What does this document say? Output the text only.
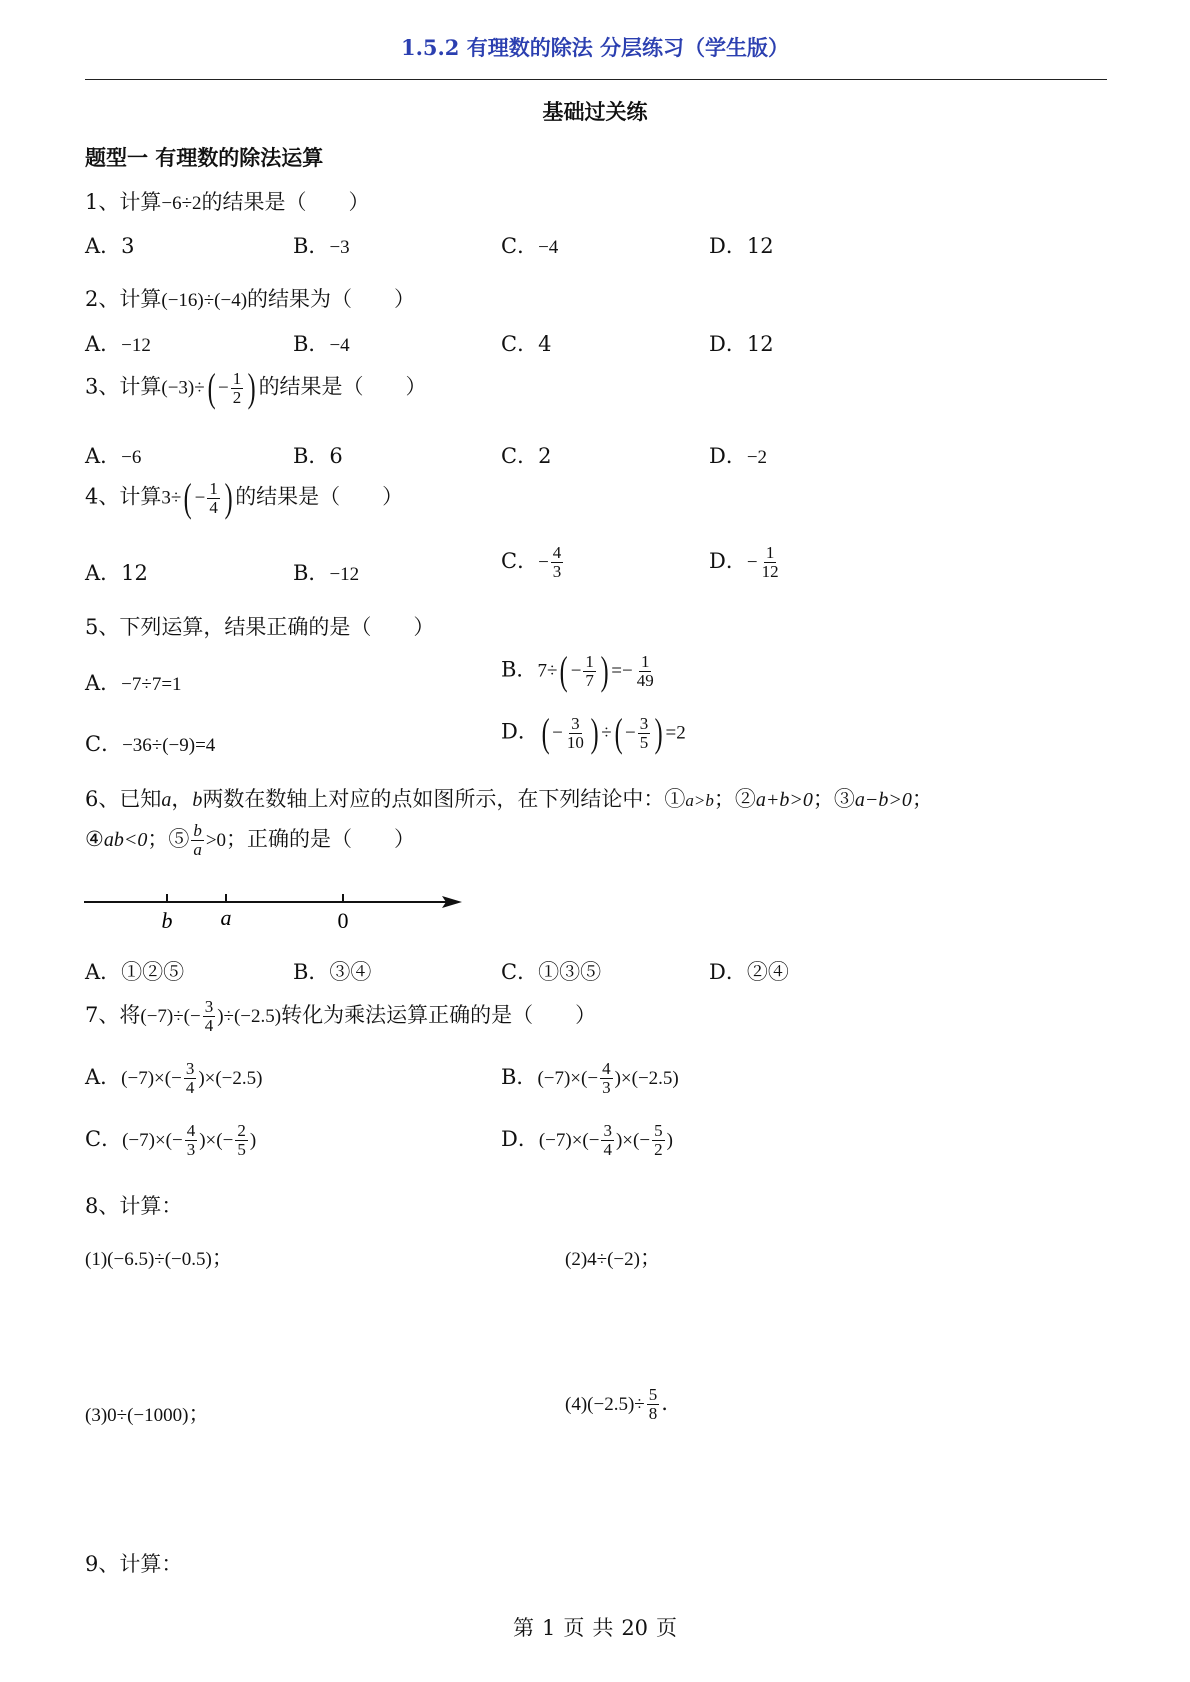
1.5.2 有理数的除法 分层练习（学生版）
基础过关练
题型一 有理数的除法运算
1、计算−6÷2的结果是（　　）
A．3	B．−3	C．−4	D．12
2、计算(−16)÷(−4)的结果为（　　）
A．−12	B．−4	C．4	D．12
3、计算$(-3)\div( - \frac{1}{2}$ ) 的结果是（　　）
A．−6	B．6	C．2	D．−2
4、计算$3\div( - \frac{1}{4}$ ) 的结果是（　　）
A．12	B．−12
C．− $\frac{4}{3}$	D．− $\frac{1}{12}$
5、下列运算，结果正确的是（　　）
A．−7÷7=1
B．$7\div( - \frac{1}{7}$ ) =− $\frac{1}{49}$
C．−36÷(−9)=4
D．( − $\frac{3}{10}$ ) ÷( − $\frac{3}{5}$ ) =2
6、已知a，b两数在数轴上对应的点如图所示，在下列结论中：①a>b；②a+b>0；③a−b>0；
④ab<0；⑤ $\frac{b}{a} >0$；正确的是（　　）
b a	0
A．①②⑤	B．③④	C．①③⑤	D．②④
7、将$(-7)\div(- \frac{3}{4} )\div(-2.5)$转化为乘法运算正确的是（　　）
A．$(-7)\times(- \frac{3}{4} )\times(-2.5)$	B．$(-7)\times(- \frac{4}{3} )\times(-2.5)$
C．$(-7)\times(- \frac{4}{3}$ )×(− $\frac{2}{5}$ )	D．$(-7)\times(- \frac{3}{4}$ )×(− $\frac{5}{2}$ )
8、计算：
(1)(−6.5)÷(−0.5)；	(2)4÷(−2)；
(3)0÷(−1000)；	$(4)(-2.5)\div \frac{5}{8}$ .
9、计算：
第 1 页 共 20 页
